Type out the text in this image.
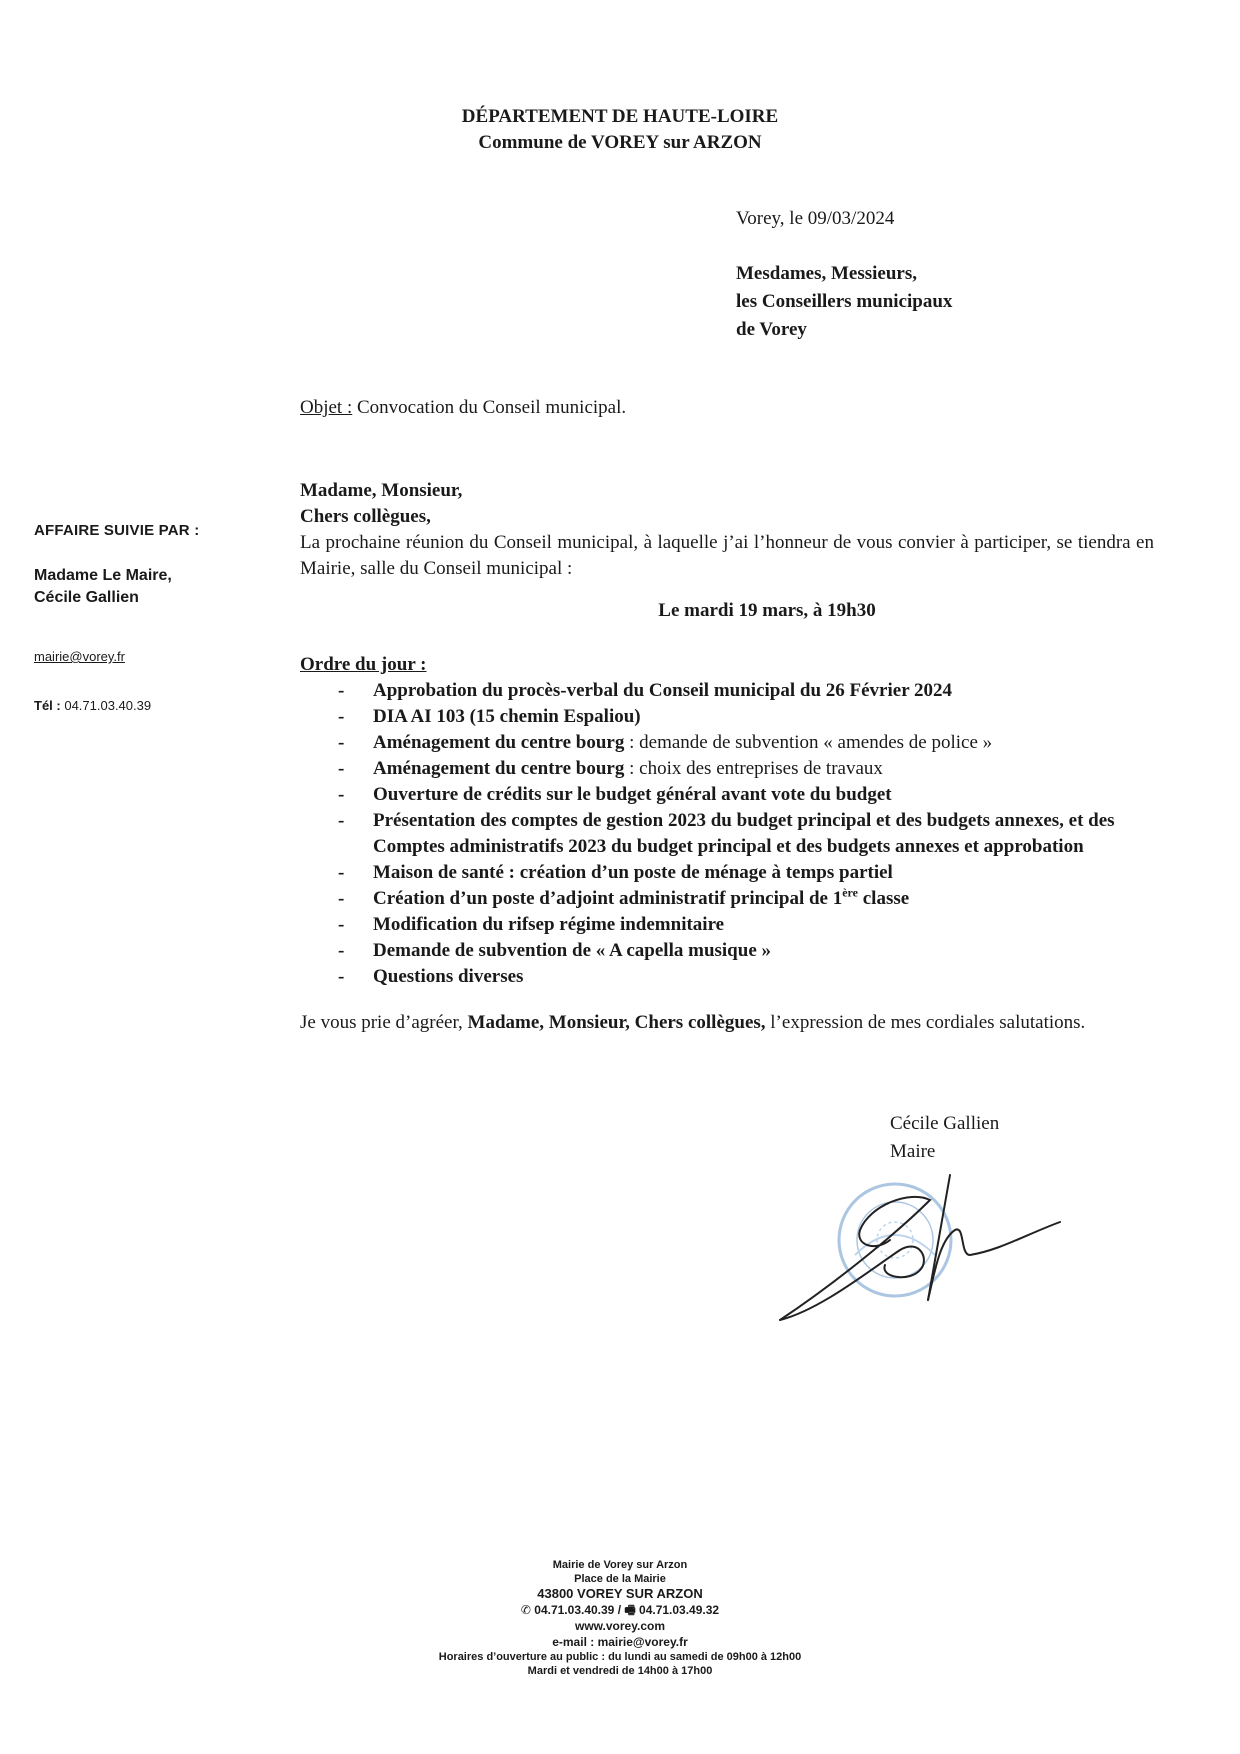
DÉPARTEMENT DE HAUTE-LOIRE
Commune de VOREY sur ARZON
Vorey, le 09/03/2024
Mesdames, Messieurs,
les Conseillers municipaux
de Vorey
Objet : Convocation du Conseil municipal.
AFFAIRE SUIVIE PAR :
Madame Le Maire,
Cécile Gallien
mairie@vorey.fr
Tél : 04.71.03.40.39
Madame, Monsieur,
Chers collègues,
La prochaine réunion du Conseil municipal, à laquelle j’ai l’honneur de vous convier à participer, se tiendra en Mairie, salle du Conseil municipal :
Le mardi 19 mars, à 19h30
Ordre du jour :
- Approbation du procès-verbal du Conseil municipal du 26 Février 2024
- DIA AI 103 (15 chemin Espaliou)
- Aménagement du centre bourg : demande de subvention « amendes de police »
- Aménagement du centre bourg : choix des entreprises de travaux
- Ouverture de crédits sur le budget général avant vote du budget
- Présentation des comptes de gestion 2023 du budget principal et des budgets annexes, et des Comptes administratifs 2023 du budget principal et des budgets annexes et approbation
- Maison de santé : création d’un poste de ménage à temps partiel
- Création d’un poste d’adjoint administratif principal de 1ère classe
- Modification du rifsep régime indemnitaire
- Demande de subvention de « A capella musique »
- Questions diverses
Je vous prie d’agréer, Madame, Monsieur, Chers collègues, l’expression de mes cordiales salutations.
Cécile Gallien
Maire
Mairie de Vorey sur Arzon
Place de la Mairie
43800 VOREY SUR ARZON
✆ 04.71.03.40.39 / 🖷 04.71.03.49.32
www.vorey.com
e-mail : mairie@vorey.fr
Horaires d’ouverture au public : du lundi au samedi de 09h00 à 12h00
Mardi et vendredi de 14h00 à 17h00
